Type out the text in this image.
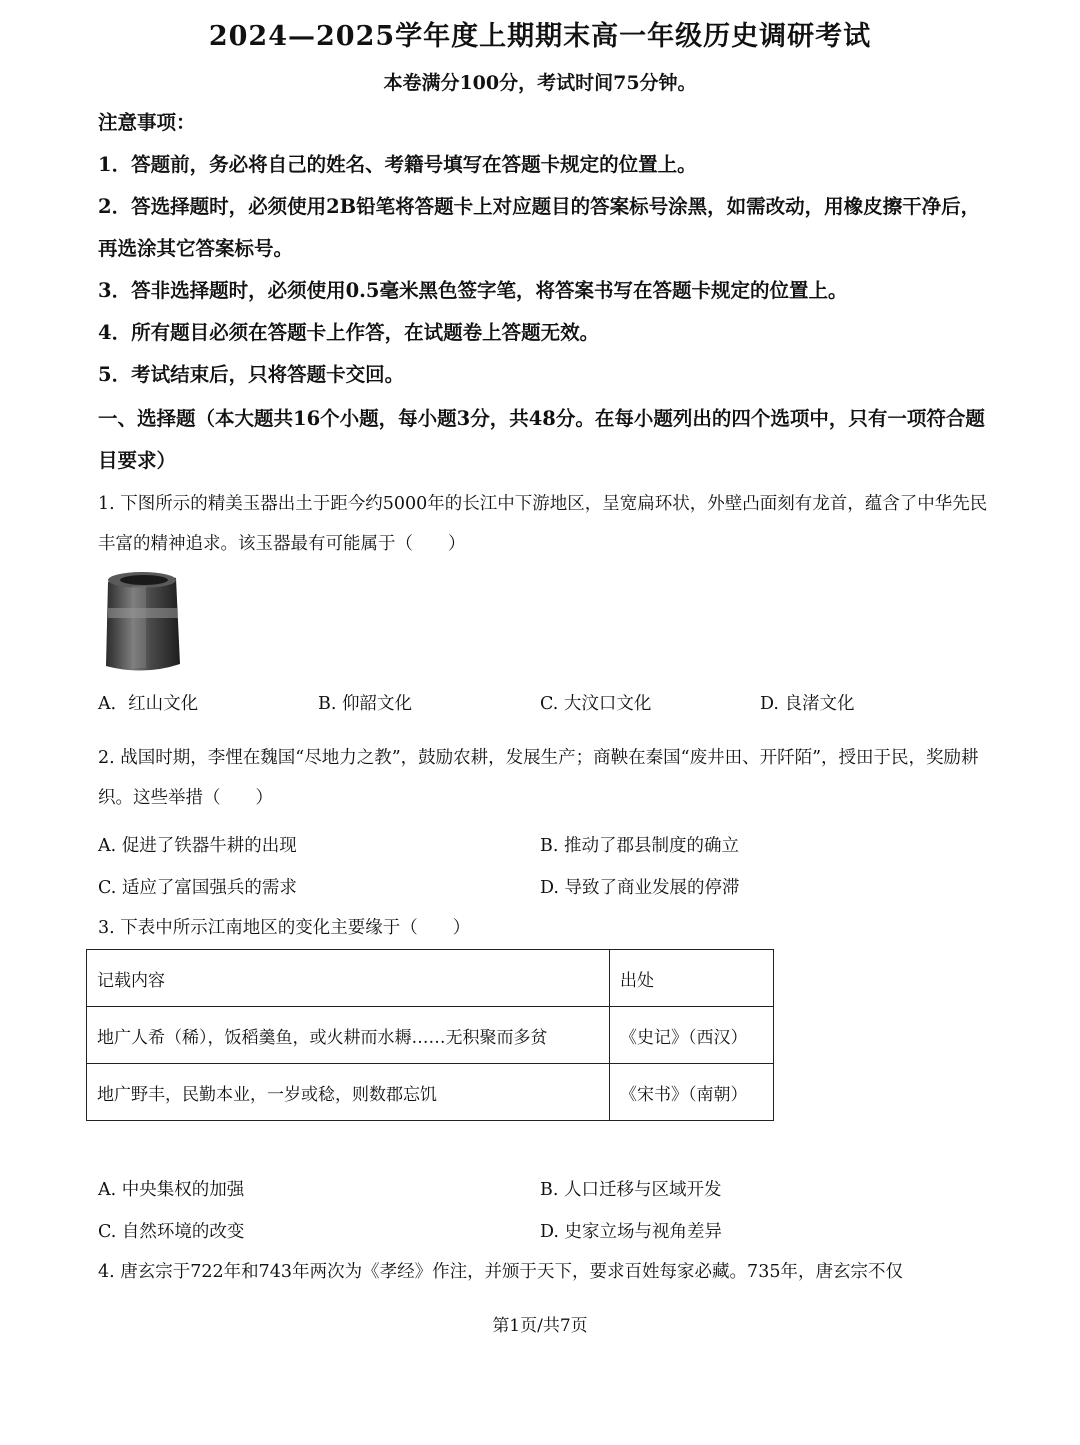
2024—2025学年度上期期末高一年级历史调研考试
本卷满分100分，考试时间75分钟。
注意事项：
1．答题前，务必将自己的姓名、考籍号填写在答题卡规定的位置上。
2．答选择题时，必须使用2B铅笔将答题卡上对应题目的答案标号涂黑，如需改动，用橡皮擦干净后，再选涂其它答案标号。
3．答非选择题时，必须使用0.5毫米黑色签字笔，将答案书写在答题卡规定的位置上。
4．所有题目必须在答题卡上作答，在试题卷上答题无效。
5．考试结束后，只将答题卡交回。
一、选择题（本大题共16个小题，每小题3分，共48分。在每小题列出的四个选项中，只有一项符合题目要求）
1. 下图所示的精美玉器出土于距今约5000年的长江中下游地区，呈宽扁环状，外壁凸面刻有龙首，蕴含了中华先民丰富的精神追求。该玉器最有可能属于（　　）
A．红山文化	B. 仰韶文化	C. 大汶口文化	D. 良渚文化
2. 战国时期，李悝在魏国“尽地力之教”，鼓励农耕，发展生产；商鞅在秦国“废井田、开阡陌”，授田于民，奖励耕织。这些举措（　　）
A. 促进了铁器牛耕的出现	B. 推动了郡县制度的确立
C. 适应了富国强兵的需求	D. 导致了商业发展的停滞
3. 下表中所示江南地区的变化主要缘于（　　）
记载内容	出处
地广人希（稀），饭稻羹鱼，或火耕而水耨……无积聚而多贫	《史记》（西汉）
地广野丰，民勤本业，一岁或稔，则数郡忘饥	《宋书》（南朝）
A. 中央集权的加强	B. 人口迁移与区域开发
C. 自然环境的改变	D. 史家立场与视角差异
4. 唐玄宗于722年和743年两次为《孝经》作注，并颁于天下，要求百姓每家必藏。735年，唐玄宗不仅
第1页/共7页
